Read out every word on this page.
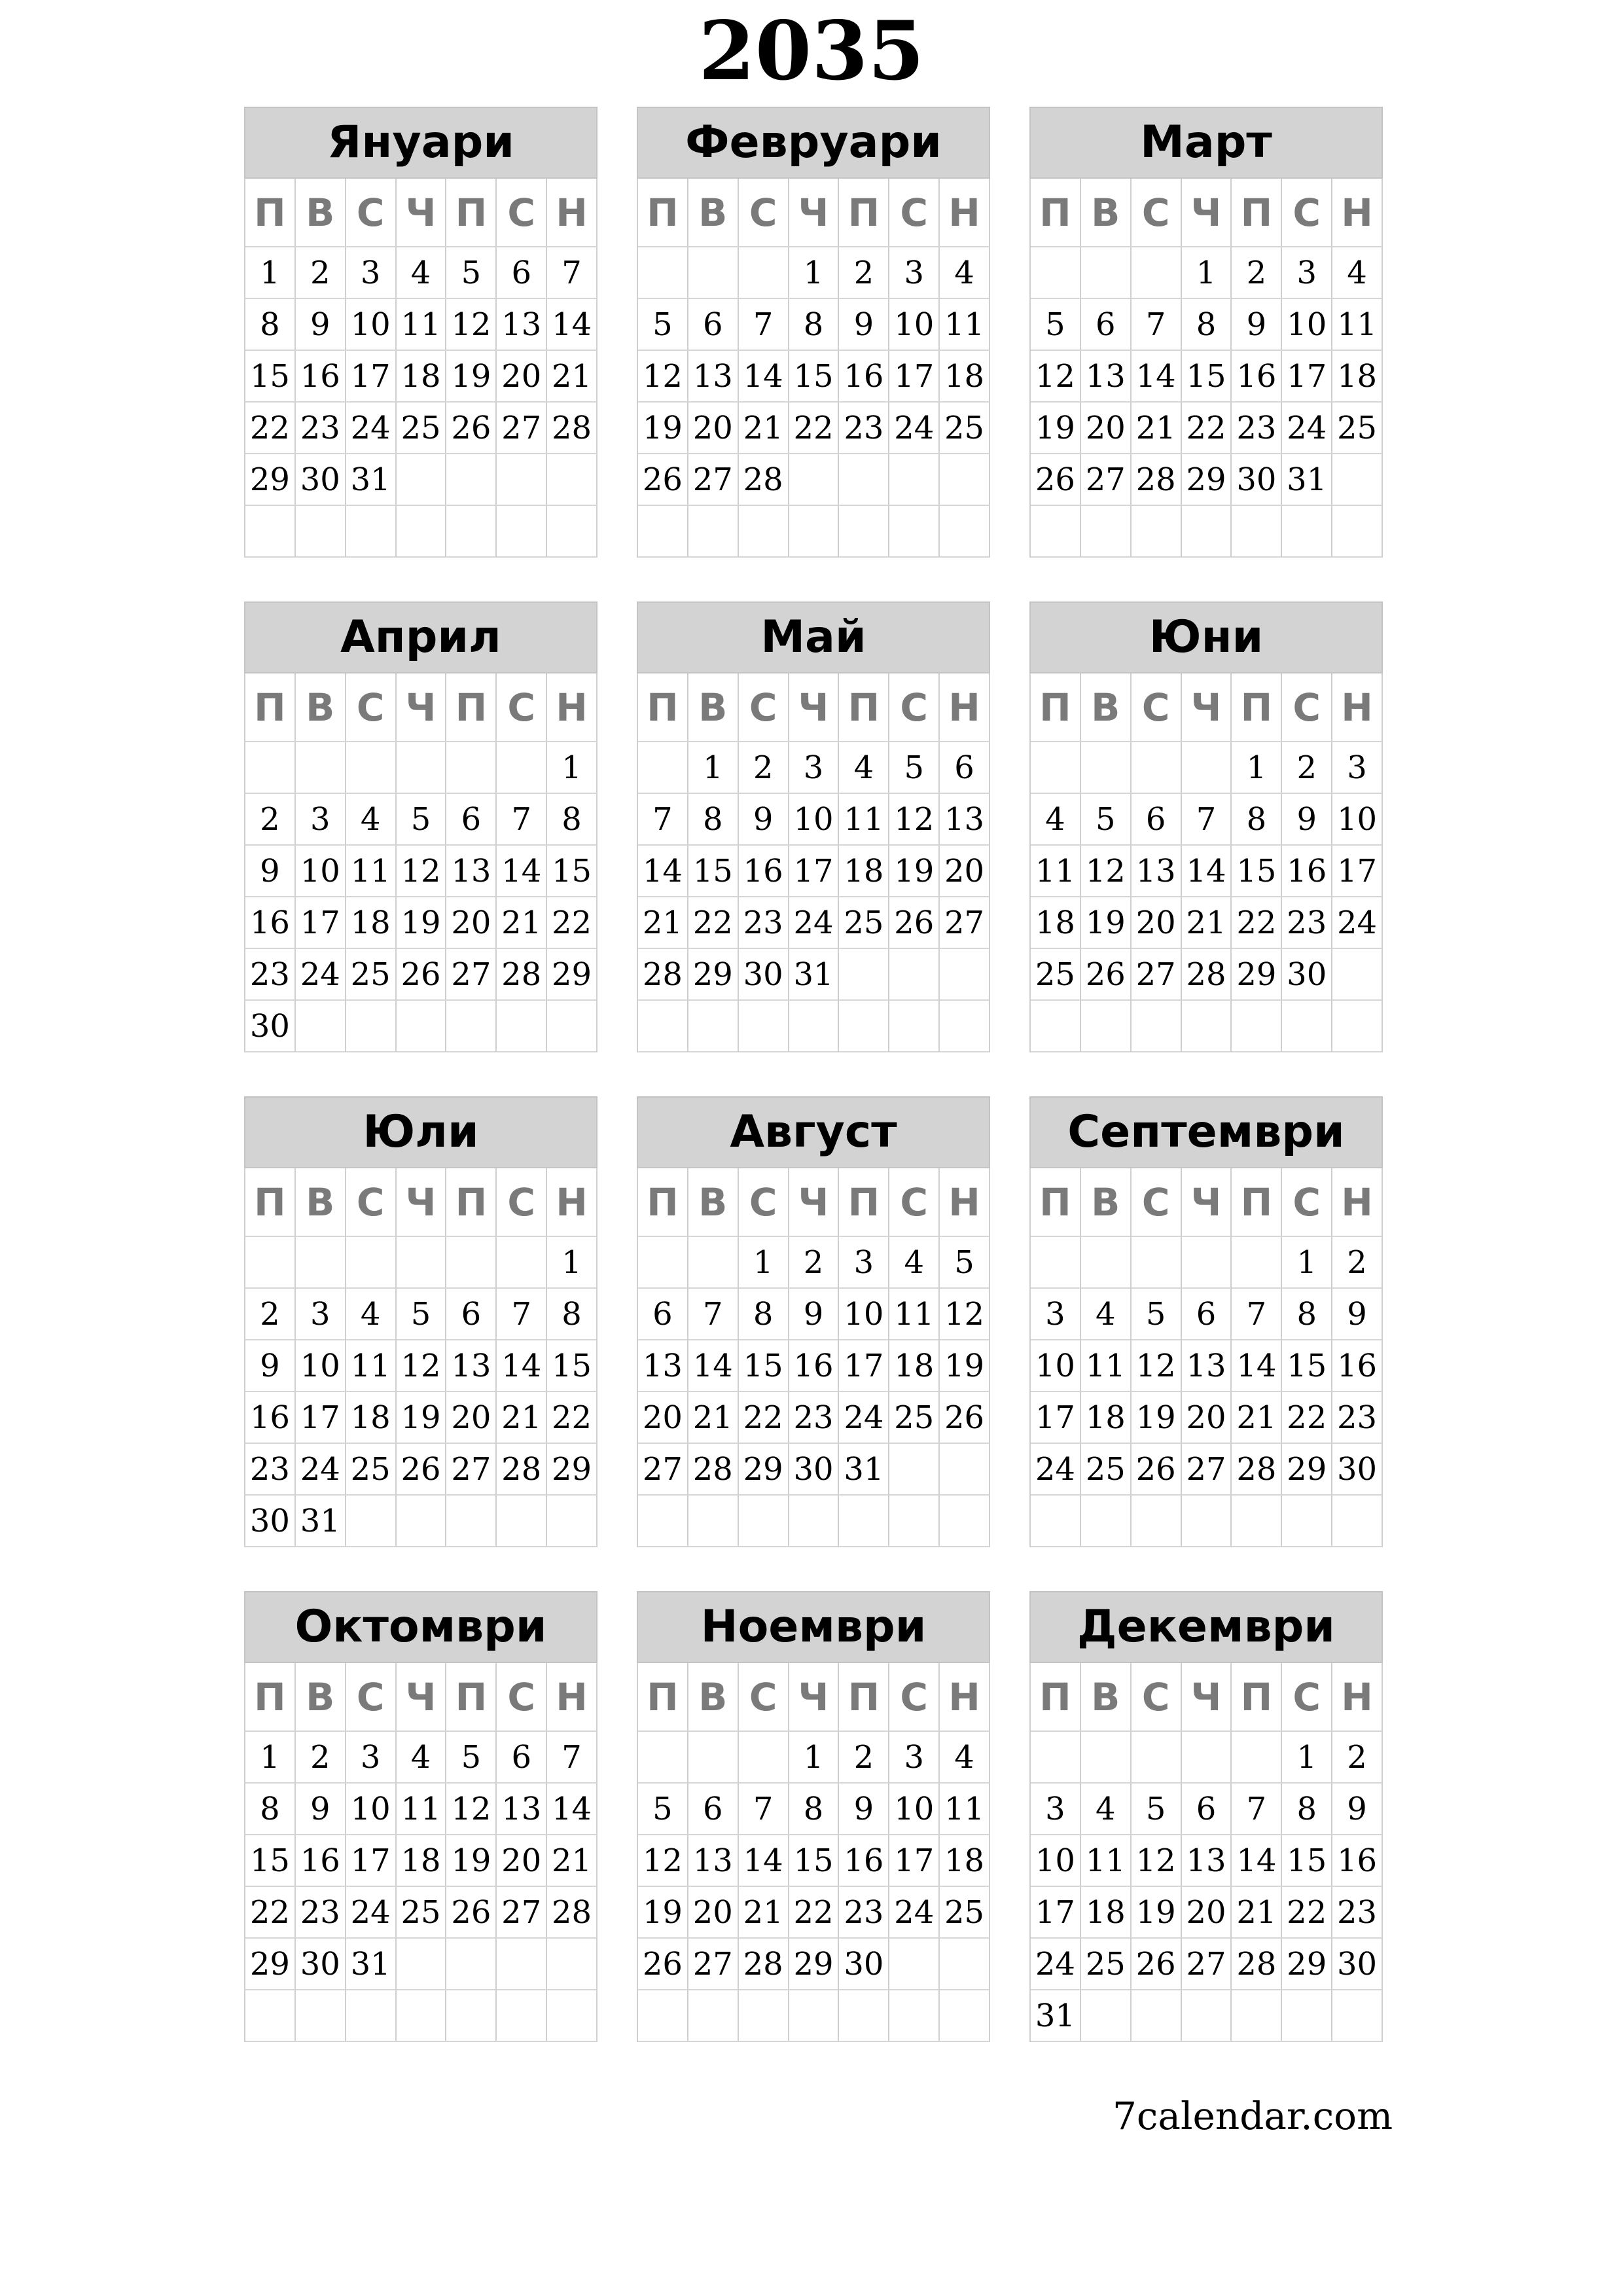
2035
Януари
П В С Ч П С Н
1 2 3 4 5 6 7
8 9 10 11 12 13 14
15 16 17 18 19 20 21
22 23 24 25 26 27 28
29 30 31
Февруари
П В С Ч П С Н
1 2 3 4
5 6 7 8 9 10 11
12 13 14 15 16 17 18
19 20 21 22 23 24 25
26 27 28
Март
П В С Ч П С Н
1 2 3 4
5 6 7 8 9 10 11
12 13 14 15 16 17 18
19 20 21 22 23 24 25
26 27 28 29 30 31
Април
П В С Ч П С Н
1
2 3 4 5 6 7 8
9 10 11 12 13 14 15
16 17 18 19 20 21 22
23 24 25 26 27 28 29
30
Май
П В С Ч П С Н
1 2 3 4 5 6
7 8 9 10 11 12 13
14 15 16 17 18 19 20
21 22 23 24 25 26 27
28 29 30 31
Юни
П В С Ч П С Н
1 2 3
4 5 6 7 8 9 10
11 12 13 14 15 16 17
18 19 20 21 22 23 24
25 26 27 28 29 30
Юли
П В С Ч П С Н
1
2 3 4 5 6 7 8
9 10 11 12 13 14 15
16 17 18 19 20 21 22
23 24 25 26 27 28 29
30 31
Август
П В С Ч П С Н
1 2 3 4 5
6 7 8 9 10 11 12
13 14 15 16 17 18 19
20 21 22 23 24 25 26
27 28 29 30 31
Септември
П В С Ч П С Н
1 2
3 4 5 6 7 8 9
10 11 12 13 14 15 16
17 18 19 20 21 22 23
24 25 26 27 28 29 30
Октомври
П В С Ч П С Н
1 2 3 4 5 6 7
8 9 10 11 12 13 14
15 16 17 18 19 20 21
22 23 24 25 26 27 28
29 30 31
Ноември
П В С Ч П С Н
1 2 3 4
5 6 7 8 9 10 11
12 13 14 15 16 17 18
19 20 21 22 23 24 25
26 27 28 29 30
Декември
П В С Ч П С Н
1 2
3 4 5 6 7 8 9
10 11 12 13 14 15 16
17 18 19 20 21 22 23
24 25 26 27 28 29 30
31
7calendar.com
